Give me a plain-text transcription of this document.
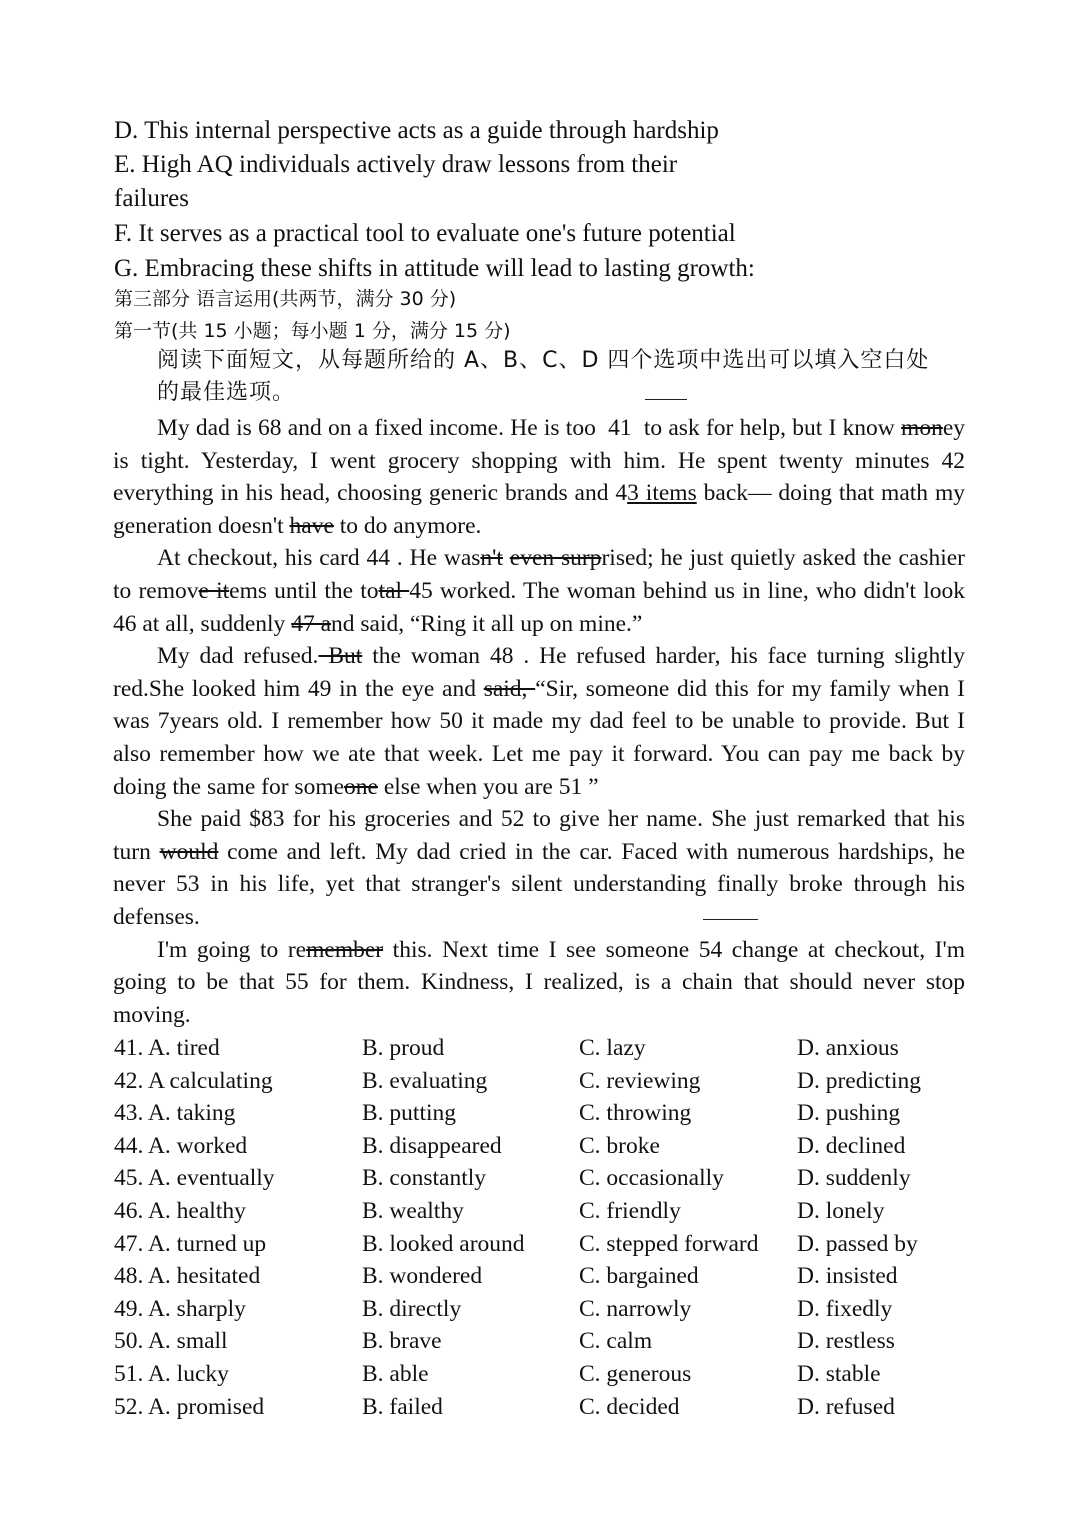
D. This internal perspective acts as a guide through hardship
E. High AQ individuals actively draw lessons from their
failures
F. It serves as a practical tool to evaluate one's future potential
G. Embracing these shifts in attitude will lead to lasting growth:
第三部分 语言运用(共两节，满分 30 分)
第一节(共 15 小题；每小题 1 分，满分 15 分)
阅读下面短文，从每题所给的 A、B、C、D 四个选项中选出可以填入空白处
的最佳选项。

My dad is 68 and on a fixed income. He is too 41 to ask for help, but I know money is tight. Yesterday, I went grocery shopping with him. He spent twenty minutes 42 everything in his head, choosing generic brands and 43 items back— doing that math my generation doesn't have to do anymore.

At checkout, his card 44 . He wasn't even surprised; he just quietly asked the cashier to remove items until the total 45 worked. The woman behind us in line, who didn't look 46 at all, suddenly 47 and said, “Ring it all up on mine.”

My dad refused. But the woman 48 . He refused harder, his face turning slightly red.She looked him 49 in the eye and said, “Sir, someone did this for my family when I was 7years old. I remember how 50 it made my dad feel to be unable to provide. But I also remember how we ate that week. Let me pay it forward. You can pay me back by doing the same for someone else when you are 51 ”

She paid $83 for his groceries and 52 to give her name. She just remarked that his turn would come and left. My dad cried in the car. Faced with numerous hardships, he never 53 in his life, yet that stranger's silent understanding finally broke through his defenses.

I'm going to remember this. Next time I see someone 54 change at checkout, I'm going to be that 55 for them. Kindness, I realized, is a chain that should never stop moving.

41. A. tired	B. proud	C. lazy	D. anxious
42. A calculating	B. evaluating	C. reviewing	D. predicting
43. A. taking	B. putting	C. throwing	D. pushing
44. A. worked	B. disappeared	C. broke	D. declined
45. A. eventually	B. constantly	C. occasionally	D. suddenly
46. A. healthy	B. wealthy	C. friendly	D. lonely
47. A. turned up	B. looked around C. stepped forward D. passed by
48. A. hesitated	B. wondered	C. bargained	D. insisted
49. A. sharply	B. directly	C. narrowly	D. fixedly
50. A. small	B. brave	C. calm	D. restless
51. A. lucky	B. able	C. generous	D. stable
52. A. promised	B. failed	C. decided	D. refused
